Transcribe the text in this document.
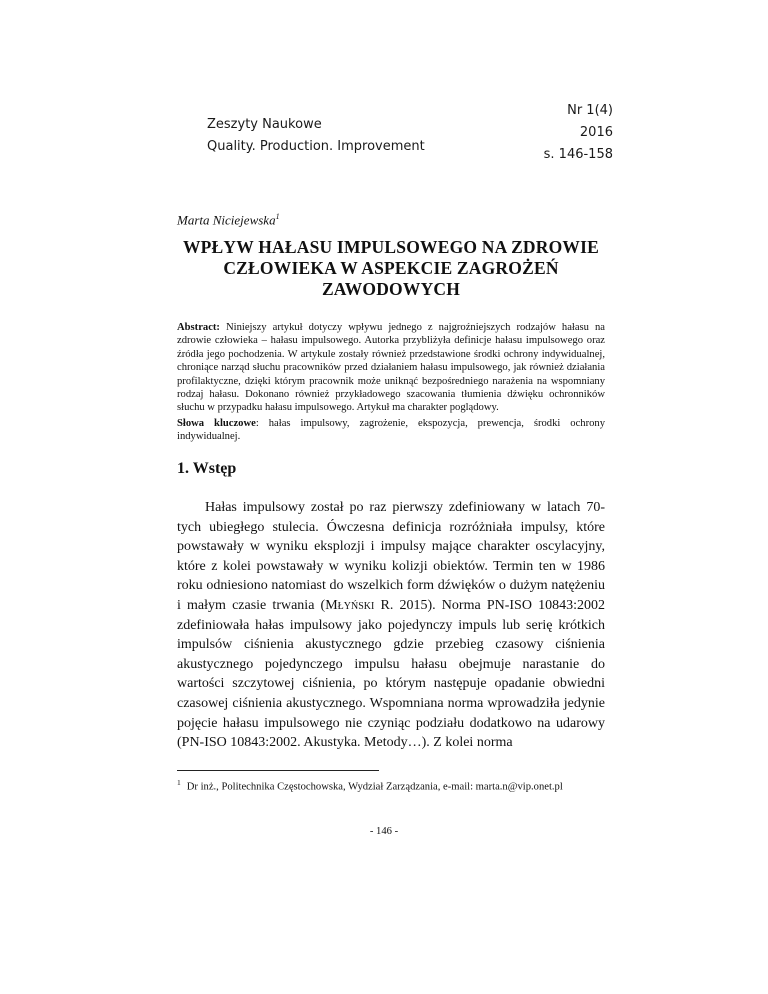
Zeszyty Naukowe
Quality. Production. Improvement
Nr 1(4)
2016
s. 146-158
Marta Niciejewska$^1$
WPŁYW HAŁASU IMPULSOWEGO NA ZDROWIE
CZŁOWIEKA W ASPEKCIE ZAGROŻEŃ
ZAWODOWYCH
Abstract: Niniejszy artykuł dotyczy wpływu jednego z najgroźniejszych rodzajów hałasu na zdrowie człowieka – hałasu impulsowego. Autorka przybliżyła definicje hałasu impulsowego oraz źródła jego pochodzenia. W artykule zostały również przedstawione środki ochrony indywidualnej, chroniące narząd słuchu pracowników przed działaniem hałasu impulsowego, jak również działania profilaktyczne, dzięki którym pracownik może uniknąć bezpośredniego narażenia na wspomniany rodzaj hałasu. Dokonano również przykładowego szacowania tłumienia dźwięku ochronników słuchu w przypadku hałasu impulsowego. Artykuł ma charakter poglądowy.
Słowa kluczowe: hałas impulsowy, zagrożenie, ekspozycja, prewencja, środki ochrony indywidualnej.
1. Wstęp

Hałas impulsowy został po raz pierwszy zdefiniowany w latach 70-tych ubiegłego stulecia. Ówczesna definicja rozróżniała impulsy, które powstawały w wyniku eksplozji i impulsy mające charakter oscylacyjny, które z kolei powstawały w wyniku kolizji obiektów. Termin ten w 1986 roku odniesiono natomiast do wszelkich form dźwięków o dużym natężeniu i małym czasie trwania (Młyński R. 2015). Norma PN-ISO 10843:2002 zdefiniowała hałas impulsowy jako pojedynczy impuls lub serię krótkich impulsów ciśnienia akustycznego gdzie przebieg czasowy ciśnienia akustycznego pojedynczego impulsu hałasu obejmuje narastanie do wartości szczytowej ciśnienia, po którym następuje opadanie obwiedni czasowej ciśnienia akustycznego. Wspomniana norma wprowadziła jedynie pojęcie hałasu impulsowego nie czyniąc podziału dodatkowo na udarowy (PN-ISO 10843:2002. Akustyka. Metody…). Z kolei norma

$^1$ Dr inż., Politechnika Częstochowska, Wydział Zarządzania, e-mail: marta.n@vip.onet.pl
- 146 -
